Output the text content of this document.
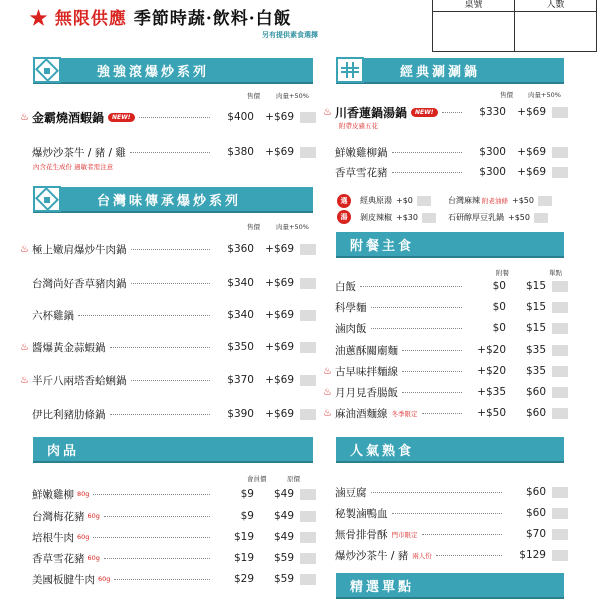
★ 無限供應 季節時蔬·飲料·白飯
另有提供素食選擇
桌號	人數
強強滾爆炒系列
售價 肉量+50%
♨ 金霸燒酒蝦鍋	NEW!	$400	+$69
爆炒沙茶牛 / 豬 / 雞	$380	+$69
內含花生成份 過敏者需注意
台灣味傳承爆炒系列
售價 肉量+50%
♨ 極上嫩肩爆炒牛肉鍋	$360	+$69
台灣尚好香草豬肉鍋	$340	+$69
六杯雞鍋	$340	+$69
♨ 醬爆黃金蒜蝦鍋	$350	+$69
♨ 半斤八兩塔香蛤蜊鍋	$370	+$69
伊比利豬肋條鍋	$390	+$69
肉品
會員價	原價
鮮嫩雞柳 80g	$9	$49
台灣梅花豬 60g	$9	$49
培根牛肉 60g	$19	$49
香草雪花豬 60g	$19	$59
美國板腱牛肉 60g	$29	$59
經典涮涮鍋
售價 肉量+50%
♨ 川香蓮鍋湯鍋	NEW!	$330	+$69
附帶皮豬五花
鮮嫩雞柳鍋	$300	+$69
香草雪花豬	$300	+$69
選
湯
經典原湯 +$0	台灣麻辣 附老油條 +$50
剝皮辣椒 +$30	石研醇厚豆乳鍋 +$50
附餐主食
附餐	單點
白飯	$0	$15
科學麵	$0	$15
滷肉飯	$0	$15
油蔥酥關廟麵	+$20	$35
♨ 古早味拌麵線	+$20	$35
♨ 月月見香腸飯	+$35	$60
♨ 麻油酒麵線 冬季限定	+$50	$60
人氣熟食
滷豆腐	$60
秘製滷鴨血	$60
無骨排骨酥 門市限定	$70
爆炒沙茶牛 / 豬 兩人份	$129
精選單點
